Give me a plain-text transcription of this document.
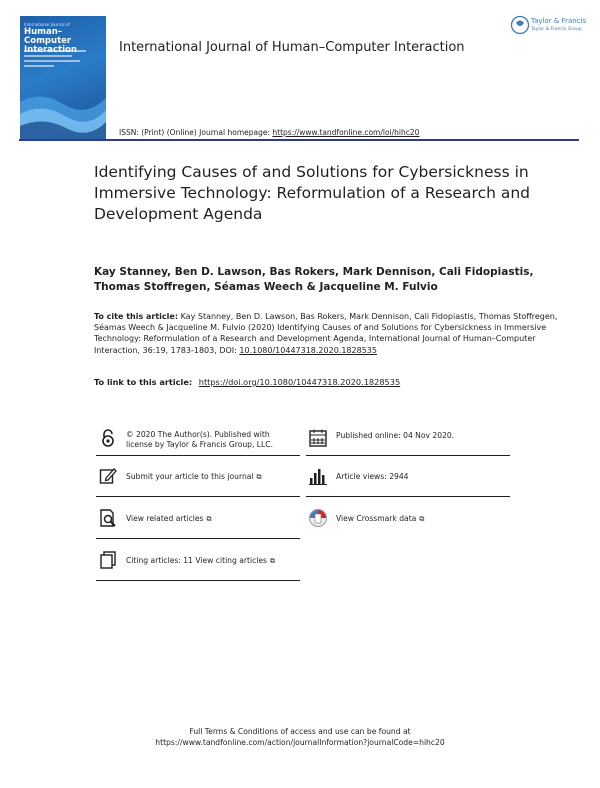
International Journal of
Human–Computer	International Journal of Human–Computer Interaction
Taylor & Francis
Taylor & Francis Group
ISSN: (Print) (Online) Journal homepage: https://www.tandfonline.com/loi/hihc20
Identifying Causes of and Solutions for Cybersickness in Immersive Technology: Reformulation of a Research and Development Agenda
Kay Stanney, Ben D. Lawson, Bas Rokers, Mark Dennison, Cali Fidopiastis, Thomas Stoffregen, Séamas Weech & Jacqueline M. Fulvio
To cite this article: Kay Stanney, Ben D. Lawson, Bas Rokers, Mark Dennison, Cali Fidopiastis, Thomas Stoffregen, Séamas Weech & Jacqueline M. Fulvio (2020) Identifying Causes of and Solutions for Cybersickness in Immersive Technology: Reformulation of a Research and Development Agenda, International Journal of Human–Computer Interaction, 36:19, 1783-1803, DOI: 10.1080/10447318.2020.1828535
To link to this article: https://doi.org/10.1080/10447318.2020.1828535
© 2020 The Author(s). Published with license by Taylor & Francis Group, LLC.
Submit your article to this journal ⧉
View related articles ⧉
Citing articles: 11 View citing articles ⧉
Published online: 04 Nov 2020.
Article views: 2944
View Crossmark data ⧉
Full Terms & Conditions of access and use can be found at
https://www.tandfonline.com/action/journalInformation?journalCode=hihc20
